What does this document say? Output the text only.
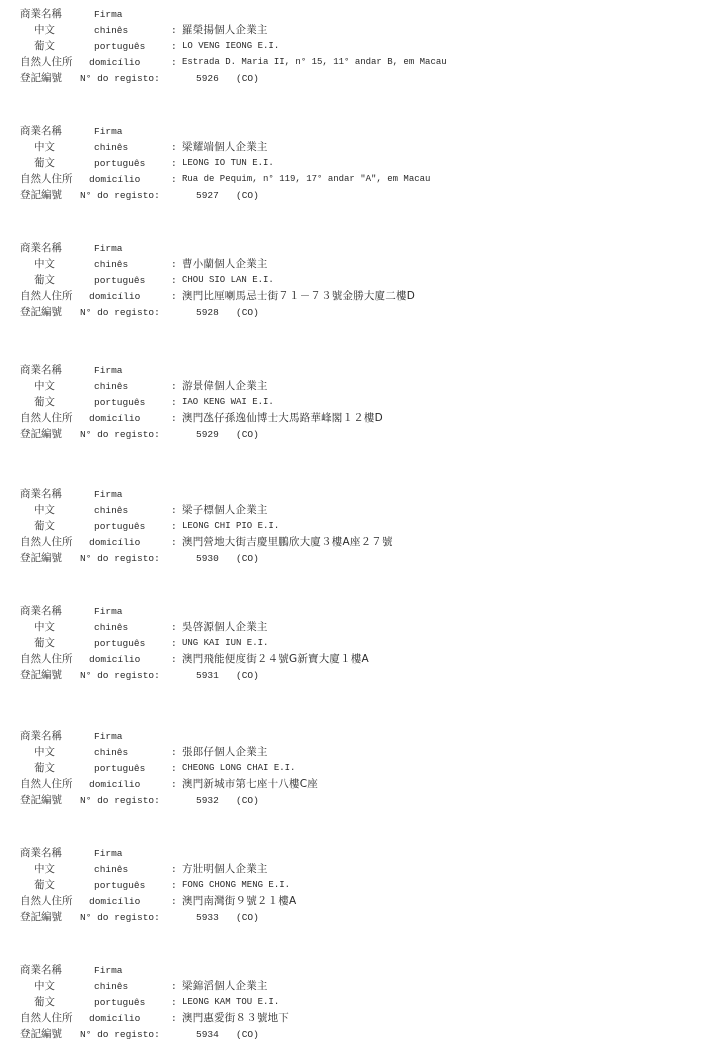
商業名稱	Firma
中文	chinês	: 羅榮揚個人企業主
葡文	português	: LO VENG IEONG E.I.
自然人住所 domicílio	: Estrada D. Maria II, n° 15, 11° andar B, em Macau
登記編號 N° do registo:	5926 (CO)
商業名稱	Firma
中文	chinês	: 梁耀端個人企業主
葡文	português	: LEONG IO TUN E.I.
自然人住所 domicílio	: Rua de Pequim, n° 119, 17° andar "A", em Macau
登記編號 N° do registo:	5927 (CO)
商業名稱	Firma
中文	chinês	: 曹小蘭個人企業主
葡文	português	: CHOU SIO LAN E.I.
自然人住所 domicílio	: 澳門比厘喇馬忌士街７１－７３號金勝大廈二樓D
登記編號 N° do registo:	5928 (CO)
商業名稱	Firma
中文	chinês	: 游景偉個人企業主
葡文	português	: IAO KENG WAI E.I.
自然人住所 domicílio	: 澳門氹仔孫逸仙博士大馬路華峰閣１２樓D
登記編號 N° do registo:	5929 (CO)
商業名稱	Firma
中文	chinês	: 梁子標個人企業主
葡文	português	: LEONG CHI PIO E.I.
自然人住所 domicílio	: 澳門營地大街吉慶里鵬欣大廈３樓A座２７號
登記編號 N° do registo:	5930 (CO)
商業名稱	Firma
中文	chinês	: 吳啓源個人企業主
葡文	português	: UNG KAI IUN E.I.
自然人住所 domicílio	: 澳門飛能便度街２４號G新寶大廈１樓A
登記編號 N° do registo:	5931 (CO)
商業名稱	Firma
中文	chinês	: 張郎仔個人企業主
葡文	português	: CHEONG LONG CHAI E.I.
自然人住所 domicílio	: 澳門新城市第七座十八樓C座
登記編號 N° do registo:	5932 (CO)
商業名稱	Firma
中文	chinês	: 方壯明個人企業主
葡文	português	: FONG CHONG MENG E.I.
自然人住所 domicílio	: 澳門南灣街９號２１樓A
登記編號 N° do registo:	5933 (CO)
商業名稱	Firma
中文	chinês	: 梁錦滔個人企業主
葡文	português	: LEONG KAM TOU E.I.
自然人住所 domicílio	: 澳門惠愛街８３號地下
登記編號 N° do registo:	5934 (CO)
